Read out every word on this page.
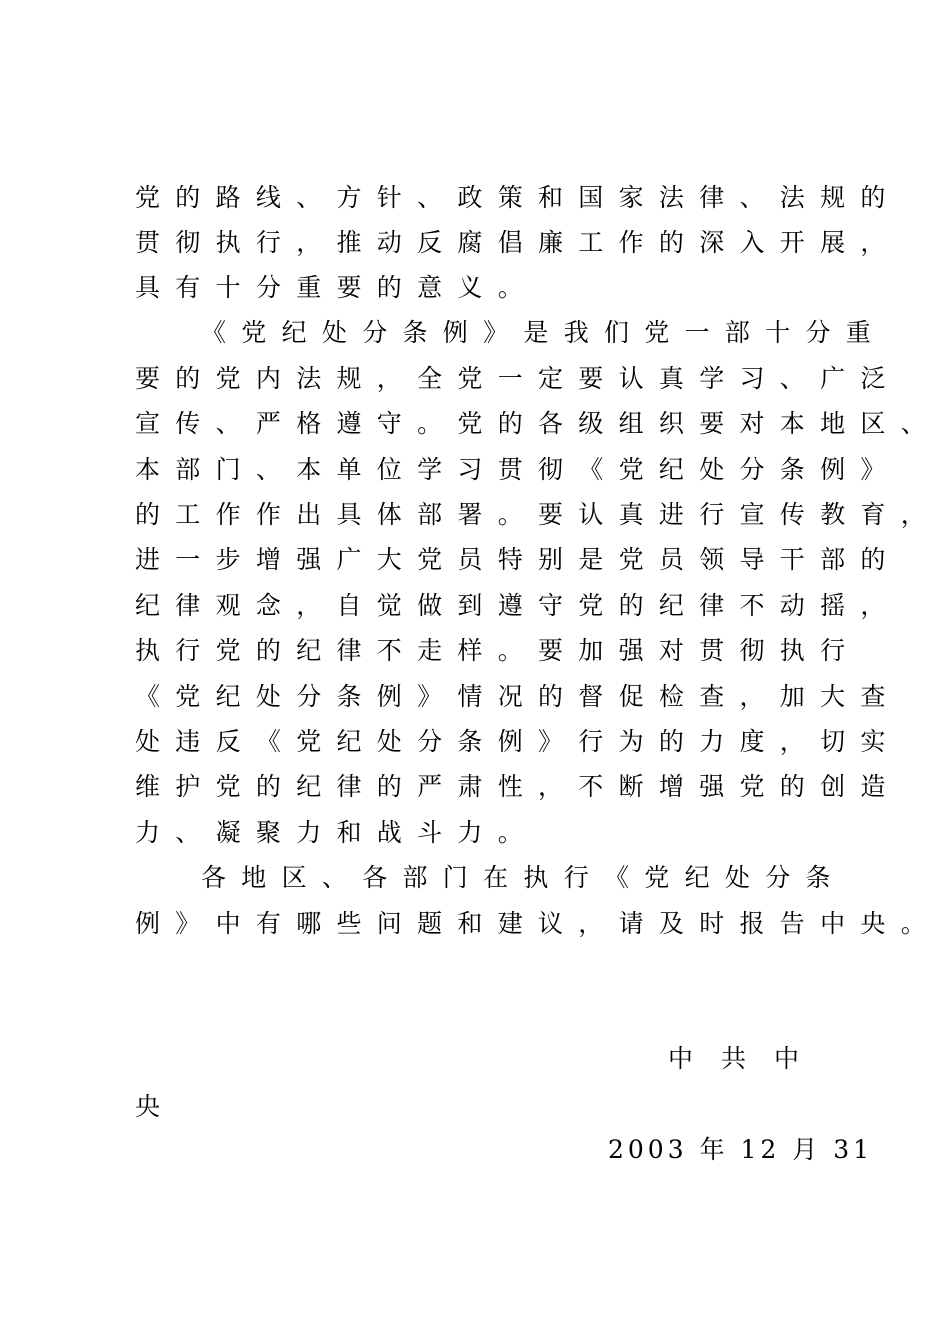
党的路线、方针、政策和国家法律、法规的
贯彻执行，推动反腐倡廉工作的深入开展，
具有十分重要的意义。
《党纪处分条例》是我们党一部十分重
要的党内法规，全党一定要认真学习、广泛
宣传、严格遵守。党的各级组织要对本地区、
本部门、本单位学习贯彻《党纪处分条例》
的工作作出具体部署。要认真进行宣传教育，
进一步增强广大党员特别是党员领导干部的
纪律观念，自觉做到遵守党的纪律不动摇，
执行党的纪律不走样。要加强对贯彻执行
《党纪处分条例》情况的督促检查，加大查
处违反《党纪处分条例》行为的力度，切实
维护党的纪律的严肃性，不断增强党的创造
力、凝聚力和战斗力。
各地区、各部门在执行《党纪处分条
例》中有哪些问题和建议，请及时报告中央。
中共中
央
2003 年 12 月 31
